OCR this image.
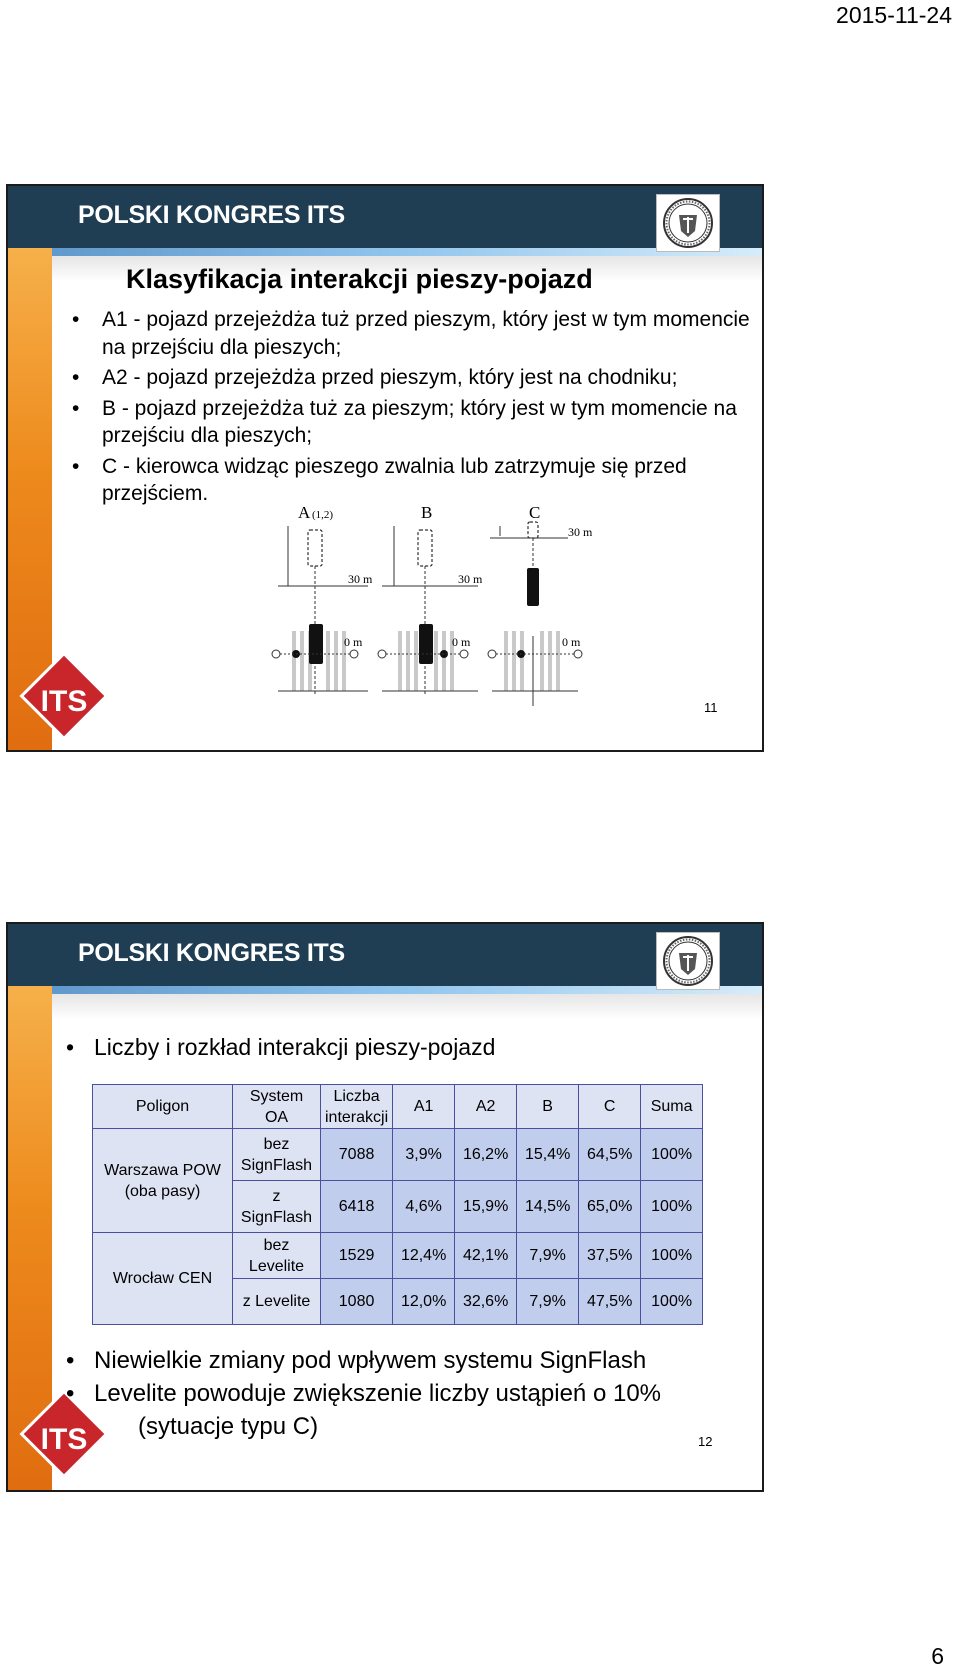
2015-11-24
POLSKI KONGRES ITS
ITS
Klasyfikacja interakcji pieszy-pojazd
• A1 - pojazd przejeżdża tuż przed pieszym, który jest w tym momencie na przejściu dla pieszych;
• A2 - pojazd przejeżdża przed pieszym, który jest na chodniku;
• B - pojazd przejeżdża tuż za pieszym; który jest w tym momencie na przejściu dla pieszych;
• C - kierowca widząc pieszego zwalnia lub zatrzymuje się przed przejściem.
A (1,2)	B	C
30 m	30 m
30 m
0 m	0 m	0 m
11
POLSKI KONGRES ITS
ITS
• Liczby i rozkład interakcji pieszy-pojazd
Poligon	System OA	Liczba interakcji	A1	A2	B	C	Suma
Warszawa POW (oba pasy)	bez SignFlash	7088	3,9%	16,2%	15,4%	64,5%	100%
	z SignFlash	6418	4,6%	15,9%	14,5%	65,0%	100%
Wrocław CEN	bez Levelite	1529	12,4%	42,1%	7,9%	37,5%	100%
	z Levelite	1080	12,0%	32,6%	7,9%	47,5%	100%
• Niewielkie zmiany pod wpływem systemu SignFlash
• Levelite powoduje zwiększenie liczby ustąpień o 10%
(sytuacje typu C)
12
6
